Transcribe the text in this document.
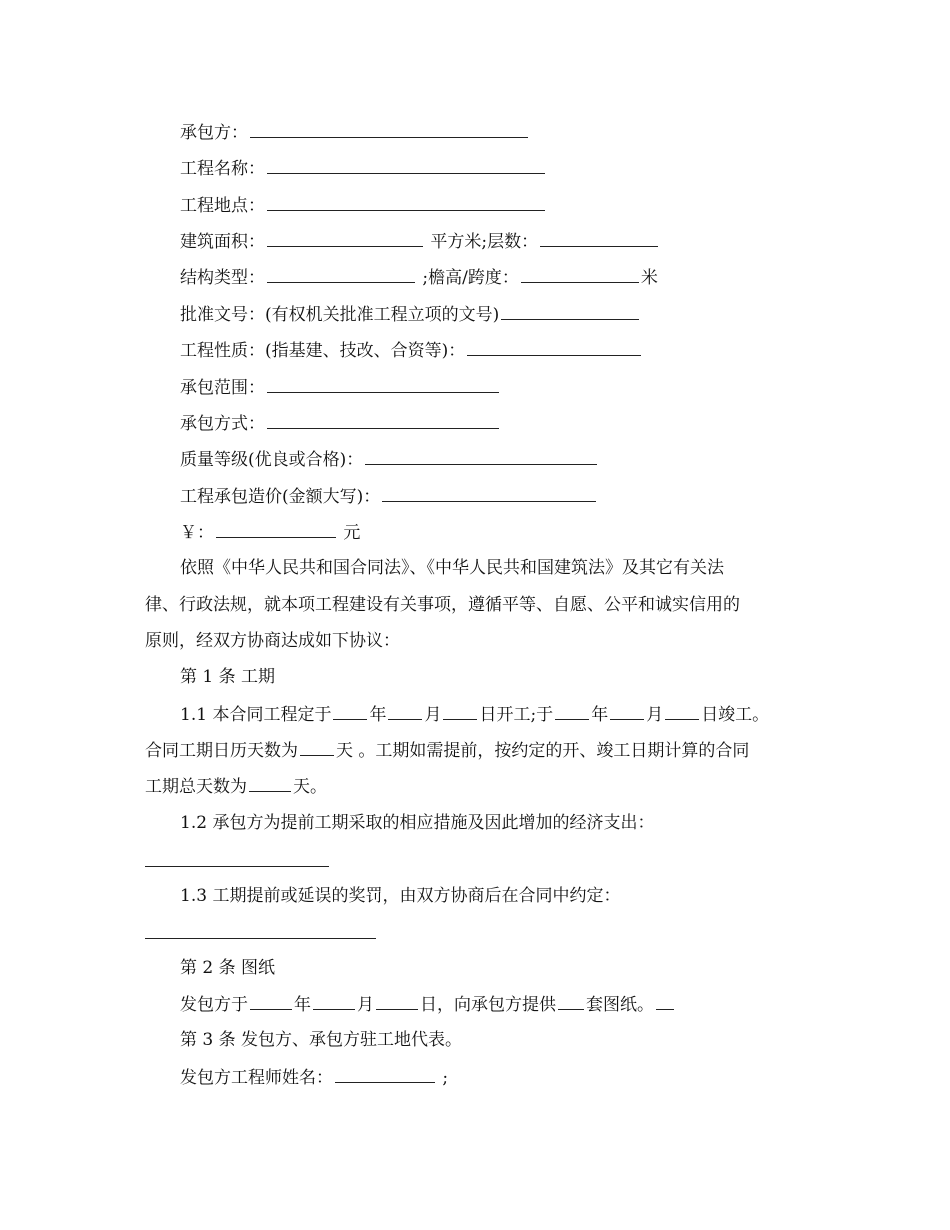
承包方：
工程名称：
工程地点：
建筑面积：	平方米;层数：
结构类型：	;檐高/跨度：	米
批准文号：(有权机关批准工程立项的文号)
工程性质：(指基建、技改、合资等)：
承包范围：
承包方式：
质量等级(优良或合格)：
工程承包造价(金额大写)：
￥：	元
依照《中华人民共和国合同法》、《中华人民共和国建筑法》及其它有关法
律、行政法规，就本项工程建设有关事项，遵循平等、自愿、公平和诚实信用的
原则，经双方协商达成如下协议：
第 1 条 工期
1.1 本合同工程定于 年 月 日开工;于 年 月 日竣工。
合同工期日历天数为 天 。工期如需提前，按约定的开、竣工日期计算的合同
工期总天数为	天。
1.2 承包方为提前工期采取的相应措施及因此增加的经济支出：
1.3 工期提前或延误的奖罚，由双方协商后在合同中约定：
第 2 条 图纸
发包方于	年	月	日，向承包方提供 套图纸。
第 3 条 发包方、承包方驻工地代表。
发包方工程师姓名：	;
